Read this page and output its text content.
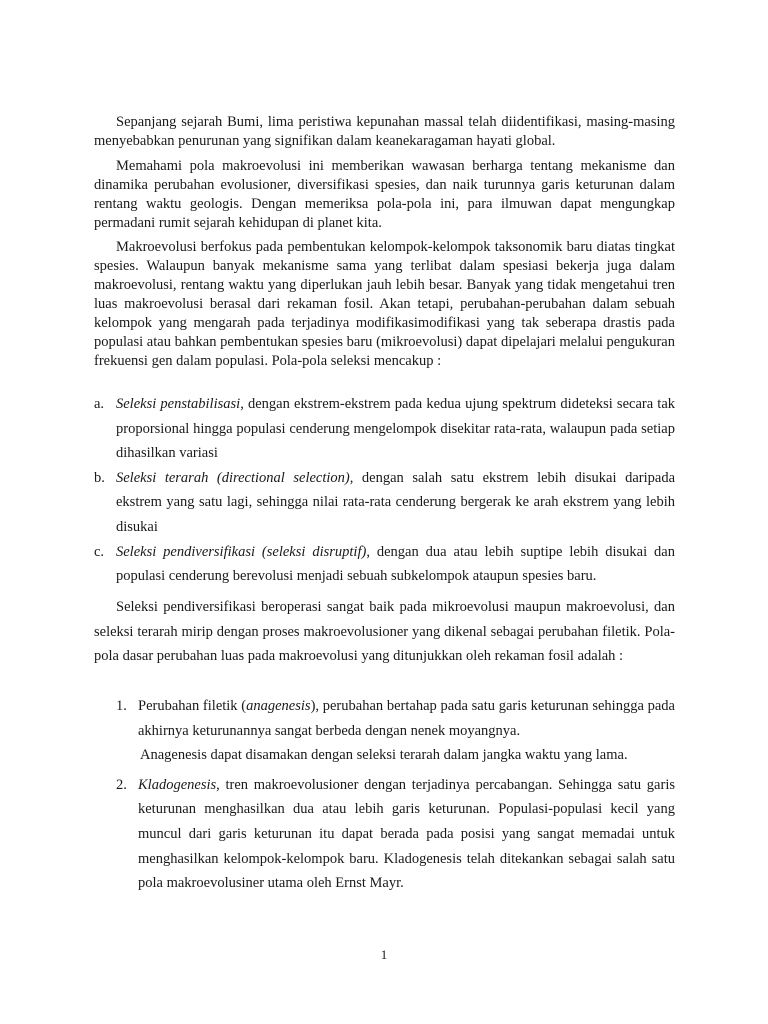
Sepanjang sejarah Bumi, lima peristiwa kepunahan massal telah diidentifikasi, masing-masing menyebabkan penurunan yang signifikan dalam keanekaragaman hayati global.

Memahami pola makroevolusi ini memberikan wawasan berharga tentang mekanisme dan dinamika perubahan evolusioner, diversifikasi spesies, dan naik turunnya garis keturunan dalam rentang waktu geologis. Dengan memeriksa pola-pola ini, para ilmuwan dapat mengungkap permadani rumit sejarah kehidupan di planet kita.

Makroevolusi berfokus pada pembentukan kelompok-kelompok taksonomik baru diatas tingkat spesies. Walaupun banyak mekanisme sama yang terlibat dalam spesiasi bekerja juga dalam makroevolusi, rentang waktu yang diperlukan jauh lebih besar. Banyak yang tidak mengetahui tren luas makroevolusi berasal dari rekaman fosil. Akan tetapi, perubahan-perubahan dalam sebuah kelompok yang mengarah pada terjadinya modifikasimodifikasi yang tak seberapa drastis pada populasi atau bahkan pembentukan spesies baru (mikroevolusi) dapat dipelajari melalui pengukuran frekuensi gen dalam populasi. Pola-pola seleksi mencakup :

a. Seleksi penstabilisasi, dengan ekstrem-ekstrem pada kedua ujung spektrum dideteksi secara tak proporsional hingga populasi cenderung mengelompok disekitar rata-rata, walaupun pada setiap dihasilkan variasi
b. Seleksi terarah (directional selection), dengan salah satu ekstrem lebih disukai daripada ekstrem yang satu lagi, sehingga nilai rata-rata cenderung bergerak ke arah ekstrem yang lebih disukai
c. Seleksi pendiversifikasi (seleksi disruptif), dengan dua atau lebih suptipe lebih disukai dan populasi cenderung berevolusi menjadi sebuah subkelompok ataupun spesies baru.

Seleksi pendiversifikasi beroperasi sangat baik pada mikroevolusi maupun makroevolusi, dan seleksi terarah mirip dengan proses makroevolusioner yang dikenal sebagai perubahan filetik. Pola-pola dasar perubahan luas pada makroevolusi yang ditunjukkan oleh rekaman fosil adalah :

1. Perubahan filetik (anagenesis), perubahan bertahap pada satu garis keturunan sehingga pada akhirnya keturunannya sangat berbeda dengan nenek moyangnya.
Anagenesis dapat disamakan dengan seleksi terarah dalam jangka waktu yang lama.
2. Kladogenesis, tren makroevolusioner dengan terjadinya percabangan. Sehingga satu garis keturunan menghasilkan dua atau lebih garis keturunan. Populasi-populasi kecil yang muncul dari garis keturunan itu dapat berada pada posisi yang sangat memadai untuk menghasilkan kelompok-kelompok baru. Kladogenesis telah ditekankan sebagai salah satu pola makroevolusiner utama oleh Ernst Mayr.
1
